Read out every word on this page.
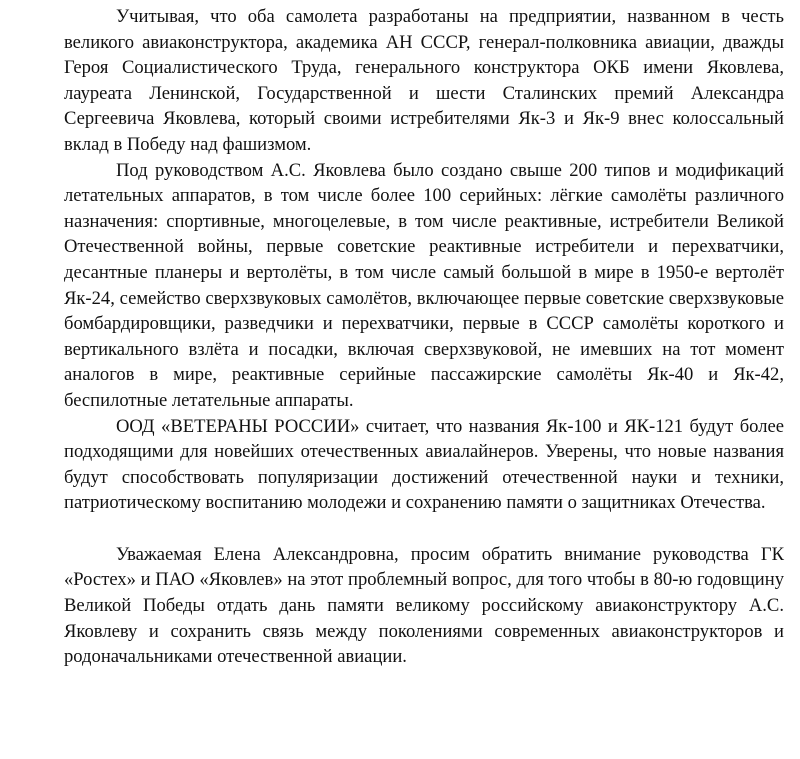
Учитывая, что оба самолета разработаны на предприятии, названном в честь великого авиаконструктора, академика АН СССР, генерал-полковника авиации, дважды Героя Социалистического Труда, генерального конструктора ОКБ имени Яковлева, лауреата Ленинской, Государственной и шести Сталинских премий Александра Сергеевича Яковлева, который своими истребителями Як-3 и Як-9 внес колоссальный вклад в Победу над фашизмом.

Под руководством А.С. Яковлева было создано свыше 200 типов и модификаций летательных аппаратов, в том числе более 100 серийных: лёгкие самолёты различного назначения: спортивные, многоцелевые, в том числе реактивные, истребители Великой Отечественной войны, первые советские реактивные истребители и перехватчики, десантные планеры и вертолёты, в том числе самый большой в мире в 1950-е вертолёт Як-24, семейство сверхзвуковых самолётов, включающее первые советские сверхзвуковые бомбардировщики, разведчики и перехватчики, первые в СССР самолёты короткого и вертикального взлёта и посадки, включая сверхзвуковой, не имевших на тот момент аналогов в мире, реактивные серийные пассажирские самолёты Як-40 и Як-42, беспилотные летательные аппараты.

ООД «ВЕТЕРАНЫ РОССИИ» считает, что названия Як-100 и ЯК-121 будут более подходящими для новейших отечественных авиалайнеров. Уверены, что новые названия будут способствовать популяризации достижений отечественной науки и техники, патриотическому воспитанию молодежи и сохранению памяти о защитниках Отечества.

Уважаемая Елена Александровна, просим обратить внимание руководства ГК «Ростех» и ПАО «Яковлев» на этот проблемный вопрос, для того чтобы в 80-ю годовщину Великой Победы отдать дань памяти великому российскому авиаконструктору А.С. Яковлеву и сохранить связь между поколениями современных авиаконструкторов и родоначальниками отечественной авиации.
